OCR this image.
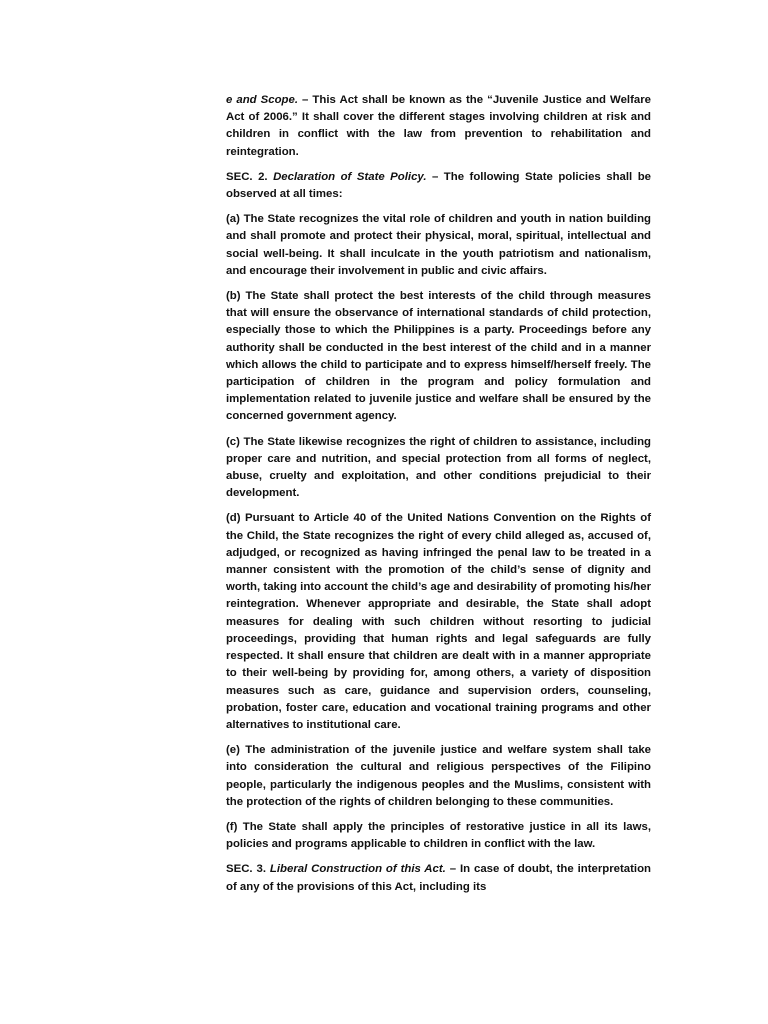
e and Scope. – This Act shall be known as the “Juvenile Justice and Welfare Act of 2006.” It shall cover the different stages involving children at risk and children in conflict with the law from prevention to rehabilitation and reintegration.

SEC. 2. Declaration of State Policy. – The following State policies shall be observed at all times:

(a) The State recognizes the vital role of children and youth in nation building and shall promote and protect their physical, moral, spiritual, intellectual and social well-being. It shall inculcate in the youth patriotism and nationalism, and encourage their involvement in public and civic affairs.

(b) The State shall protect the best interests of the child through measures that will ensure the observance of international standards of child protection, especially those to which the Philippines is a party. Proceedings before any authority shall be conducted in the best interest of the child and in a manner which allows the child to participate and to express himself/herself freely. The participation of children in the program and policy formulation and implementation related to juvenile justice and welfare shall be ensured by the concerned government agency.

(c) The State likewise recognizes the right of children to assistance, including proper care and nutrition, and special protection from all forms of neglect, abuse, cruelty and exploitation, and other conditions prejudicial to their development.

(d) Pursuant to Article 40 of the United Nations Convention on the Rights of the Child, the State recognizes the right of every child alleged as, accused of, adjudged, or recognized as having infringed the penal law to be treated in a manner consistent with the promotion of the child’s sense of dignity and worth, taking into account the child’s age and desirability of promoting his/her reintegration. Whenever appropriate and desirable, the State shall adopt measures for dealing with such children without resorting to judicial proceedings, providing that human rights and legal safeguards are fully respected. It shall ensure that children are dealt with in a manner appropriate to their well-being by providing for, among others, a variety of disposition measures such as care, guidance and supervision orders, counseling, probation, foster care, education and vocational training programs and other alternatives to institutional care.

(e) The administration of the juvenile justice and welfare system shall take into consideration the cultural and religious perspectives of the Filipino people, particularly the indigenous peoples and the Muslims, consistent with the protection of the rights of children belonging to these communities.

(f) The State shall apply the principles of restorative justice in all its laws, policies and programs applicable to children in conflict with the law.

SEC. 3. Liberal Construction of this Act. – In case of doubt, the interpretation of any of the provisions of this Act, including its
